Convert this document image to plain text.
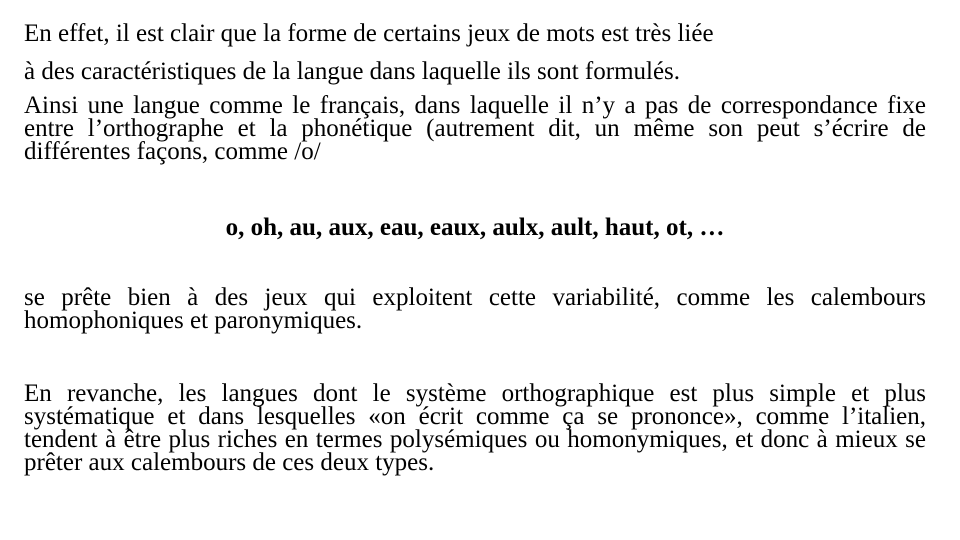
En effet, il est clair que la forme de certains jeux de mots est très liée
à des caractéristiques de la langue dans laquelle ils sont formulés.
Ainsi une langue comme le français, dans laquelle il n’y a pas de correspondance fixe entre l’orthographe et la phonétique (autrement dit, un même son peut s’écrire de différentes façons, comme /o/
o, oh, au, aux, eau, eaux, aulx, ault, haut, ot, …
se prête bien à des jeux qui exploitent cette variabilité, comme les calembours homophoniques et paronymiques.
En revanche, les langues dont le système orthographique est plus simple et plus systématique et dans lesquelles «on écrit comme ça se prononce», comme l’italien, tendent à être plus riches en termes polysémiques ou homonymiques, et donc à mieux se prêter aux calembours de ces deux types.
